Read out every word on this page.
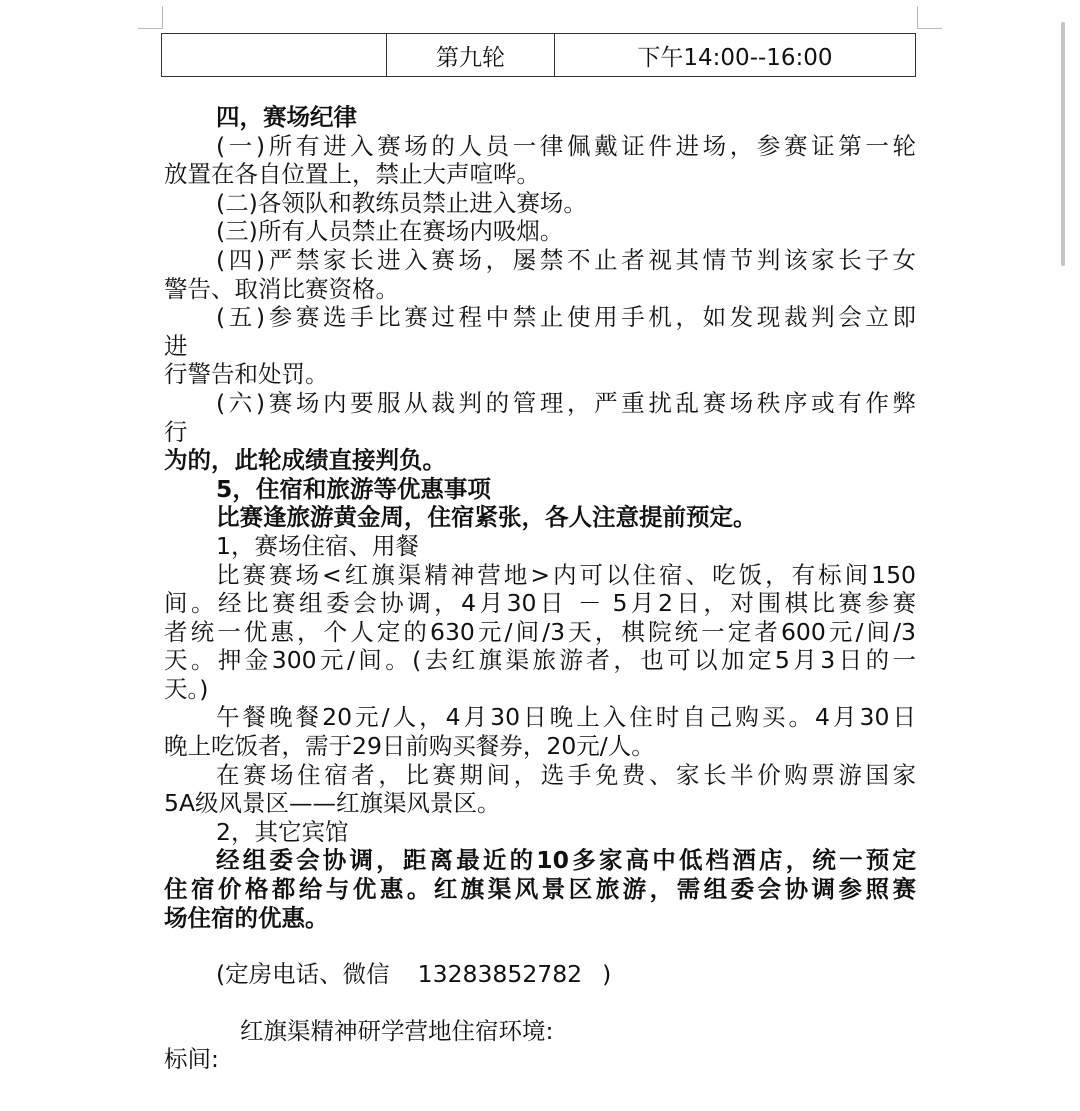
	第九轮	下午14:00--16:00
四，赛场纪律
(一)所有进入赛场的人员一律佩戴证件进场，参赛证第一轮
放置在各自位置上，禁止大声喧哗。
(二)各领队和教练员禁止进入赛场。
(三)所有人员禁止在赛场内吸烟。
(四)严禁家长进入赛场，屡禁不止者视其情节判该家长子女
警告、取消比赛资格。
(五)参赛选手比赛过程中禁止使用手机，如发现裁判会立即
进
行警告和处罚。
(六)赛场内要服从裁判的管理，严重扰乱赛场秩序或有作弊
行
为的，此轮成绩直接判负。
5，住宿和旅游等优惠事项
比赛逢旅游黄金周，住宿紧张，各人注意提前预定。
1，赛场住宿、用餐
比赛赛场<红旗渠精神营地>内可以住宿、吃饭，有标间150
间。经比赛组委会协调，4月30日 － 5月2日，对围棋比赛参赛
者统一优惠，个人定的630元/间/3天，棋院统一定者600元/间/3
天。押金300元/间。(去红旗渠旅游者，也可以加定5月3日的一
天。)
午餐晚餐20元/人，4月30日晚上入住时自己购买。4月30日
晚上吃饭者，需于29日前购买餐券，20元/人。
在赛场住宿者，比赛期间，选手免费、家长半价购票游国家
5A级风景区——红旗渠风景区。
2，其它宾馆
经组委会协调，距离最近的10多家高中低档酒店，统一预定
住宿价格都给与优惠。红旗渠风景区旅游，需组委会协调参照赛
场住宿的优惠。
(定房电话、微信 13283852782 )
红旗渠精神研学营地住宿环境:
标间:
